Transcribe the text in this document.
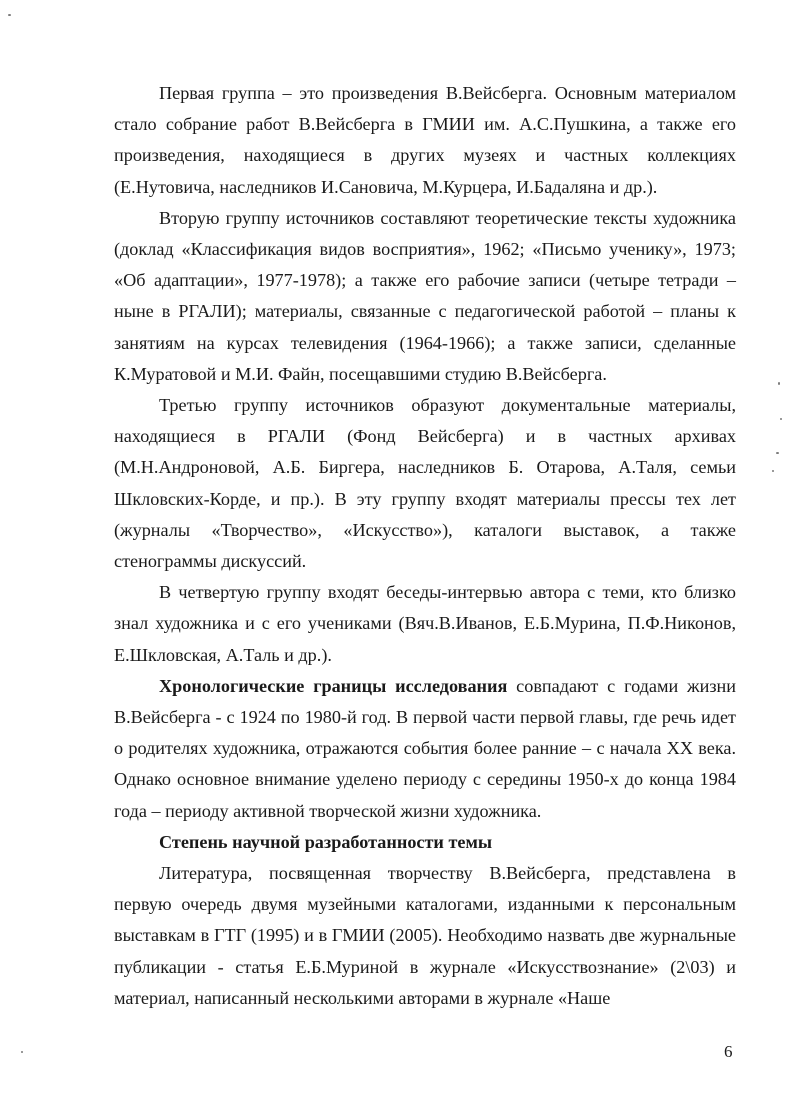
Первая группа – это произведения В.Вейсберга. Основным материалом стало собрание работ В.Вейсберга в ГМИИ им. А.С.Пушкина, а также его произведения, находящиеся в других музеях и частных коллекциях (Е.Нутовича, наследников И.Сановича, М.Курцера, И.Бадаляна и др.).

Вторую группу источников составляют теоретические тексты художника (доклад «Классификация видов восприятия», 1962; «Письмо ученику», 1973; «Об адаптации», 1977-1978); а также его рабочие записи (четыре тетради – ныне в РГАЛИ); материалы, связанные с педагогической работой – планы к занятиям на курсах телевидения (1964-1966); а также записи, сделанные К.Муратовой и М.И. Файн, посещавшими студию В.Вейсберга.

Третью группу источников образуют документальные материалы, находящиеся в РГАЛИ (Фонд Вейсберга) и в частных архивах (М.Н.Андроновой, А.Б. Биргера, наследников Б. Отарова, А.Таля, семьи Шкловских-Корде, и пр.). В эту группу входят материалы прессы тех лет (журналы «Творчество», «Искусство»), каталоги выставок, а также стенограммы дискуссий.

В четвертую группу входят беседы-интервью автора с теми, кто близко знал художника и с его учениками (Вяч.В.Иванов, Е.Б.Мурина, П.Ф.Никонов, Е.Шкловская, А.Таль и др.).

Хронологические границы исследования совпадают с годами жизни В.Вейсберга - с 1924 по 1980-й год. В первой части первой главы, где речь идет о родителях художника, отражаются события более ранние – с начала XX века. Однако основное внимание уделено периоду с середины 1950-х до конца 1984 года – периоду активной творческой жизни художника.

Степень научной разработанности темы

Литература, посвященная творчеству В.Вейсберга, представлена в первую очередь двумя музейными каталогами, изданными к персональным выставкам в ГТГ (1995) и в ГМИИ (2005). Необходимо назвать две журнальные публикации - статья Е.Б.Муриной в журнале «Искусствознание» (2\03) и материал, написанный несколькими авторами в журнале «Наше

6
